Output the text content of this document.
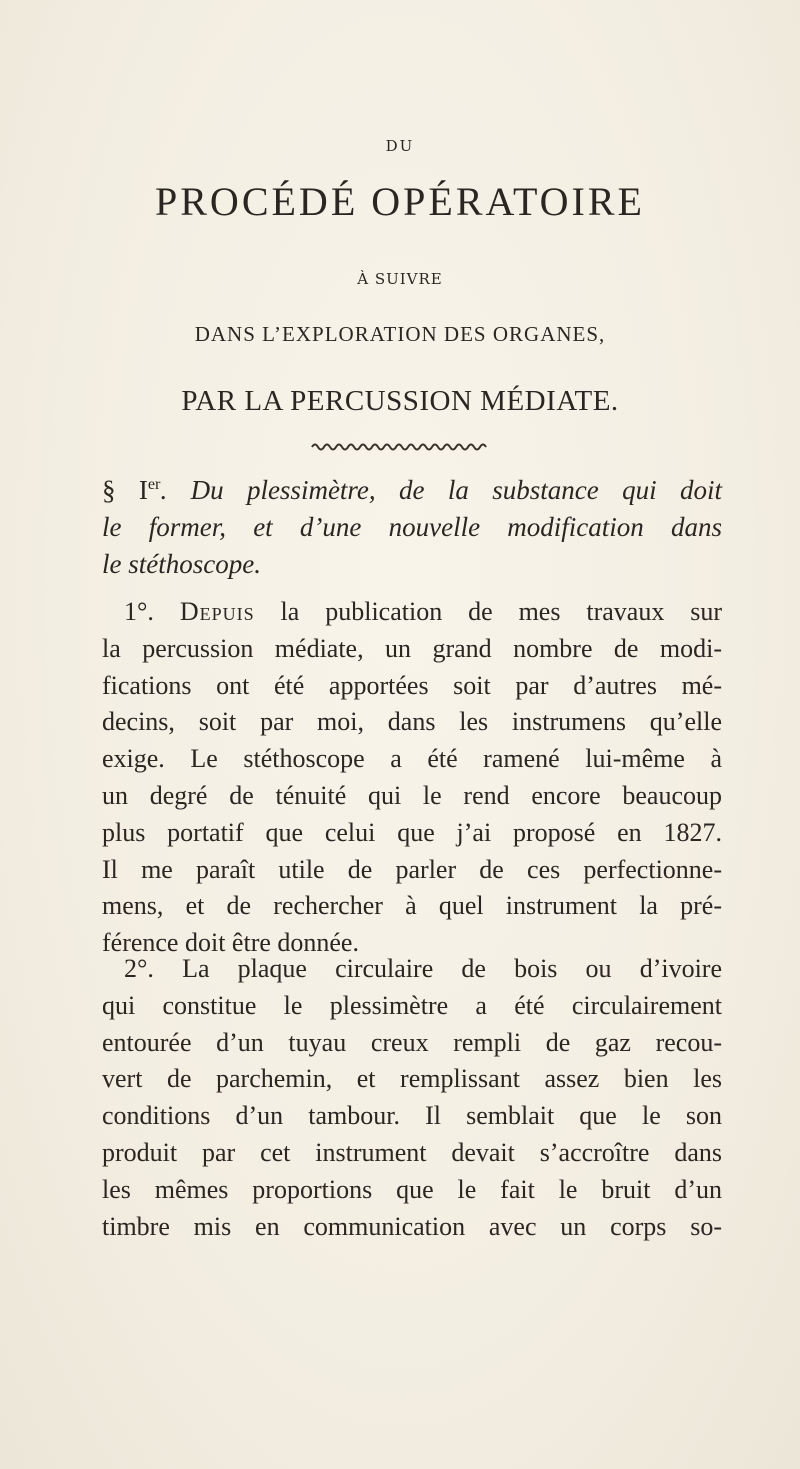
DU
PROCÉDÉ OPÉRATOIRE
À SUIVRE
DANS L’EXPLORATION DES ORGANES,
PAR LA PERCUSSION MÉDIATE.
§ Ier. Du plessimètre, de la substance qui doit
le former, et d’une nouvelle modification dans
le stéthoscope.
1°. Depuis la publication de mes travaux sur
la percussion médiate, un grand nombre de modi-
fications ont été apportées soit par d’autres mé-
decins, soit par moi, dans les instrumens qu’elle
exige. Le stéthoscope a été ramené lui-même à
un degré de ténuité qui le rend encore beaucoup
plus portatif que celui que j’ai proposé en 1827.
Il me paraît utile de parler de ces perfectionne-
mens, et de rechercher à quel instrument la pré-
férence doit être donnée.
2°. La plaque circulaire de bois ou d’ivoire
qui constitue le plessimètre a été circulairement
entourée d’un tuyau creux rempli de gaz recou-
vert de parchemin, et remplissant assez bien les
conditions d’un tambour. Il semblait que le son
produit par cet instrument devait s’accroître dans
les mêmes proportions que le fait le bruit d’un
timbre mis en communication avec un corps so-
